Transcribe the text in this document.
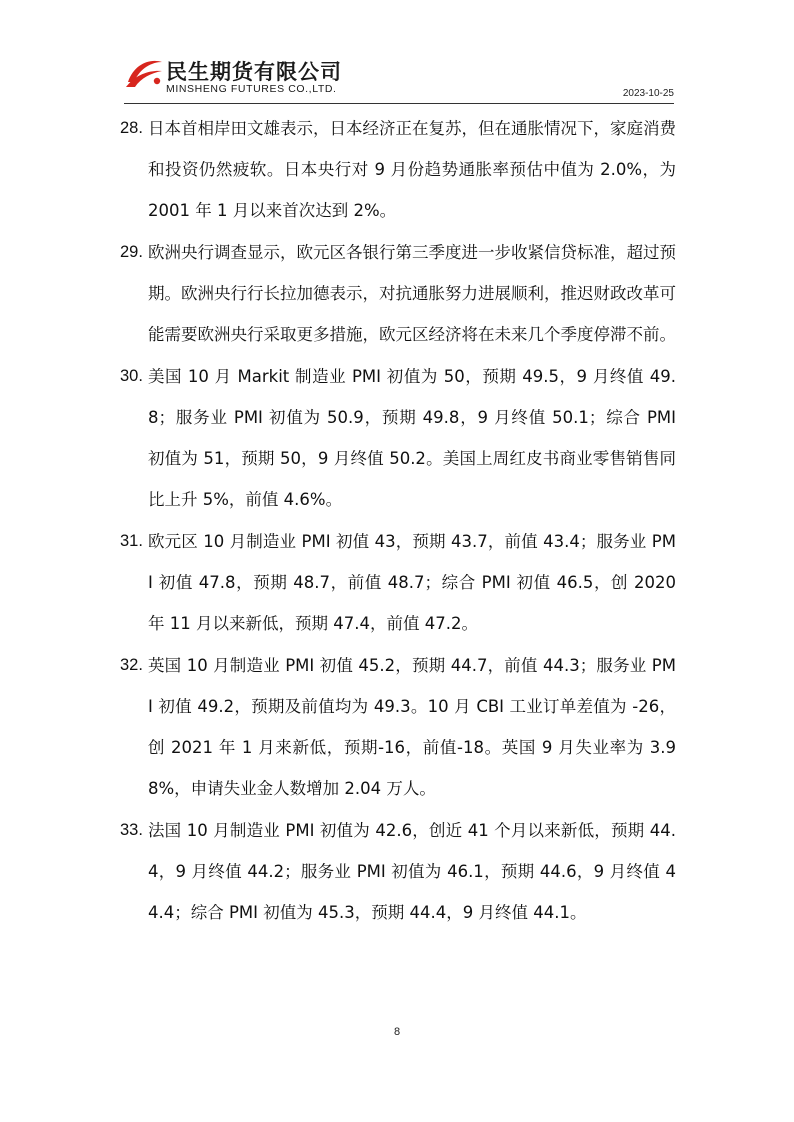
民生期货有限公司
MINSHENG FUTURES CO.,LTD.	2023-10-25
28. 日本首相岸田文雄表示，日本经济正在复苏，但在通胀情况下，家庭消费和投资仍然疲软。日本央行对 9 月份趋势通胀率预估中值为 2.0%，为 2001 年 1 月以来首次达到 2%。
29. 欧洲央行调查显示，欧元区各银行第三季度进一步收紧信贷标准，超过预期。欧洲央行行长拉加德表示，对抗通胀努力进展顺利，推迟财政改革可能需要欧洲央行采取更多措施，欧元区经济将在未来几个季度停滞不前。
30. 美国 10 月 Markit 制造业 PMI 初值为 50，预期 49.5，9 月终值 49.8；服务业 PMI 初值为 50.9，预期 49.8，9 月终值 50.1；综合 PMI 初值为 51，预期 50，9 月终值 50.2。美国上周红皮书商业零售销售同比上升 5%，前值 4.6%。
31. 欧元区 10 月制造业 PMI 初值 43，预期 43.7，前值 43.4；服务业 PMI 初值 47.8，预期 48.7，前值 48.7；综合 PMI 初值 46.5，创 2020 年 11 月以来新低，预期 47.4，前值 47.2。
32. 英国 10 月制造业 PMI 初值 45.2，预期 44.7，前值 44.3；服务业 PMI 初值 49.2，预期及前值均为 49.3。10 月 CBI 工业订单差值为 -26，创 2021 年 1 月来新低，预期-16，前值-18。英国 9 月失业率为 3.98%，申请失业金人数增加 2.04 万人。
33. 法国 10 月制造业 PMI 初值为 42.6，创近 41 个月以来新低，预期 44.4，9 月终值 44.2；服务业 PMI 初值为 46.1，预期 44.6，9 月终值 44.4；综合 PMI 初值为 45.3，预期 44.4，9 月终值 44.1。
8
